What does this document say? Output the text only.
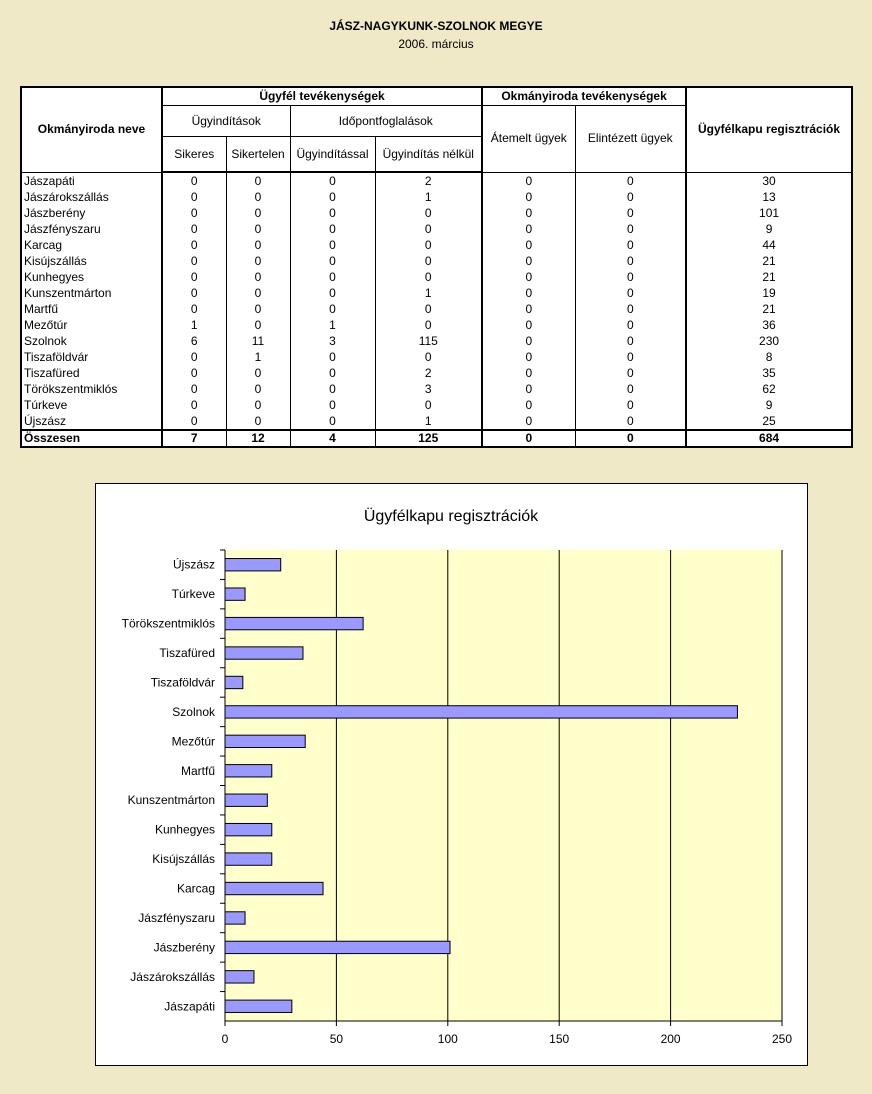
JÁSZ-NAGYKUNK-SZOLNOK MEGYE
2006. március
Okmányiroda neve	Ügyfél tevékenységek				Okmányiroda tevékenységek		Ügyfélkapu regisztrációk
	Ügyindítások		Időpontfoglalások		Átemelt ügyek	Elintézett ügyek	
	Sikeres	Sikertelen	Ügyindítással	Ügyindítás nélkül			
Jászapáti	0	0	0	2	0	0	30
Jászárokszállás	0	0	0	1	0	0	13
Jászberény	0	0	0	0	0	0	101
Jászfényszaru	0	0	0	0	0	0	9
Karcag	0	0	0	0	0	0	44
Kisújszállás	0	0	0	0	0	0	21
Kunhegyes	0	0	0	0	0	0	21
Kunszentmárton	0	0	0	1	0	0	19
Martfű	0	0	0	0	0	0	21
Mezőtúr	1	0	1	0	0	0	36
Szolnok	6	11	3	115	0	0	230
Tiszaföldvár	0	1	0	0	0	0	8
Tiszafüred	0	0	0	2	0	0	35
Törökszentmiklós	0	0	0	3	0	0	62
Túrkeve	0	0	0	0	0	0	9
Újszász	0	0	0	1	0	0	25
Összesen	7	12	4	125	0	0	684
Ügyfélkapu regisztrációk
0	50	100	150	200	250
Újszász
Túrkeve
Törökszentmiklós
Tiszafüred
Tiszaföldvár
Szolnok
Mezőtúr
Martfű
Kunszentmárton
Kunhegyes
Kisújszállás
Karcag
Jászfényszaru
Jászberény
Jászárokszállás
Jászapáti
